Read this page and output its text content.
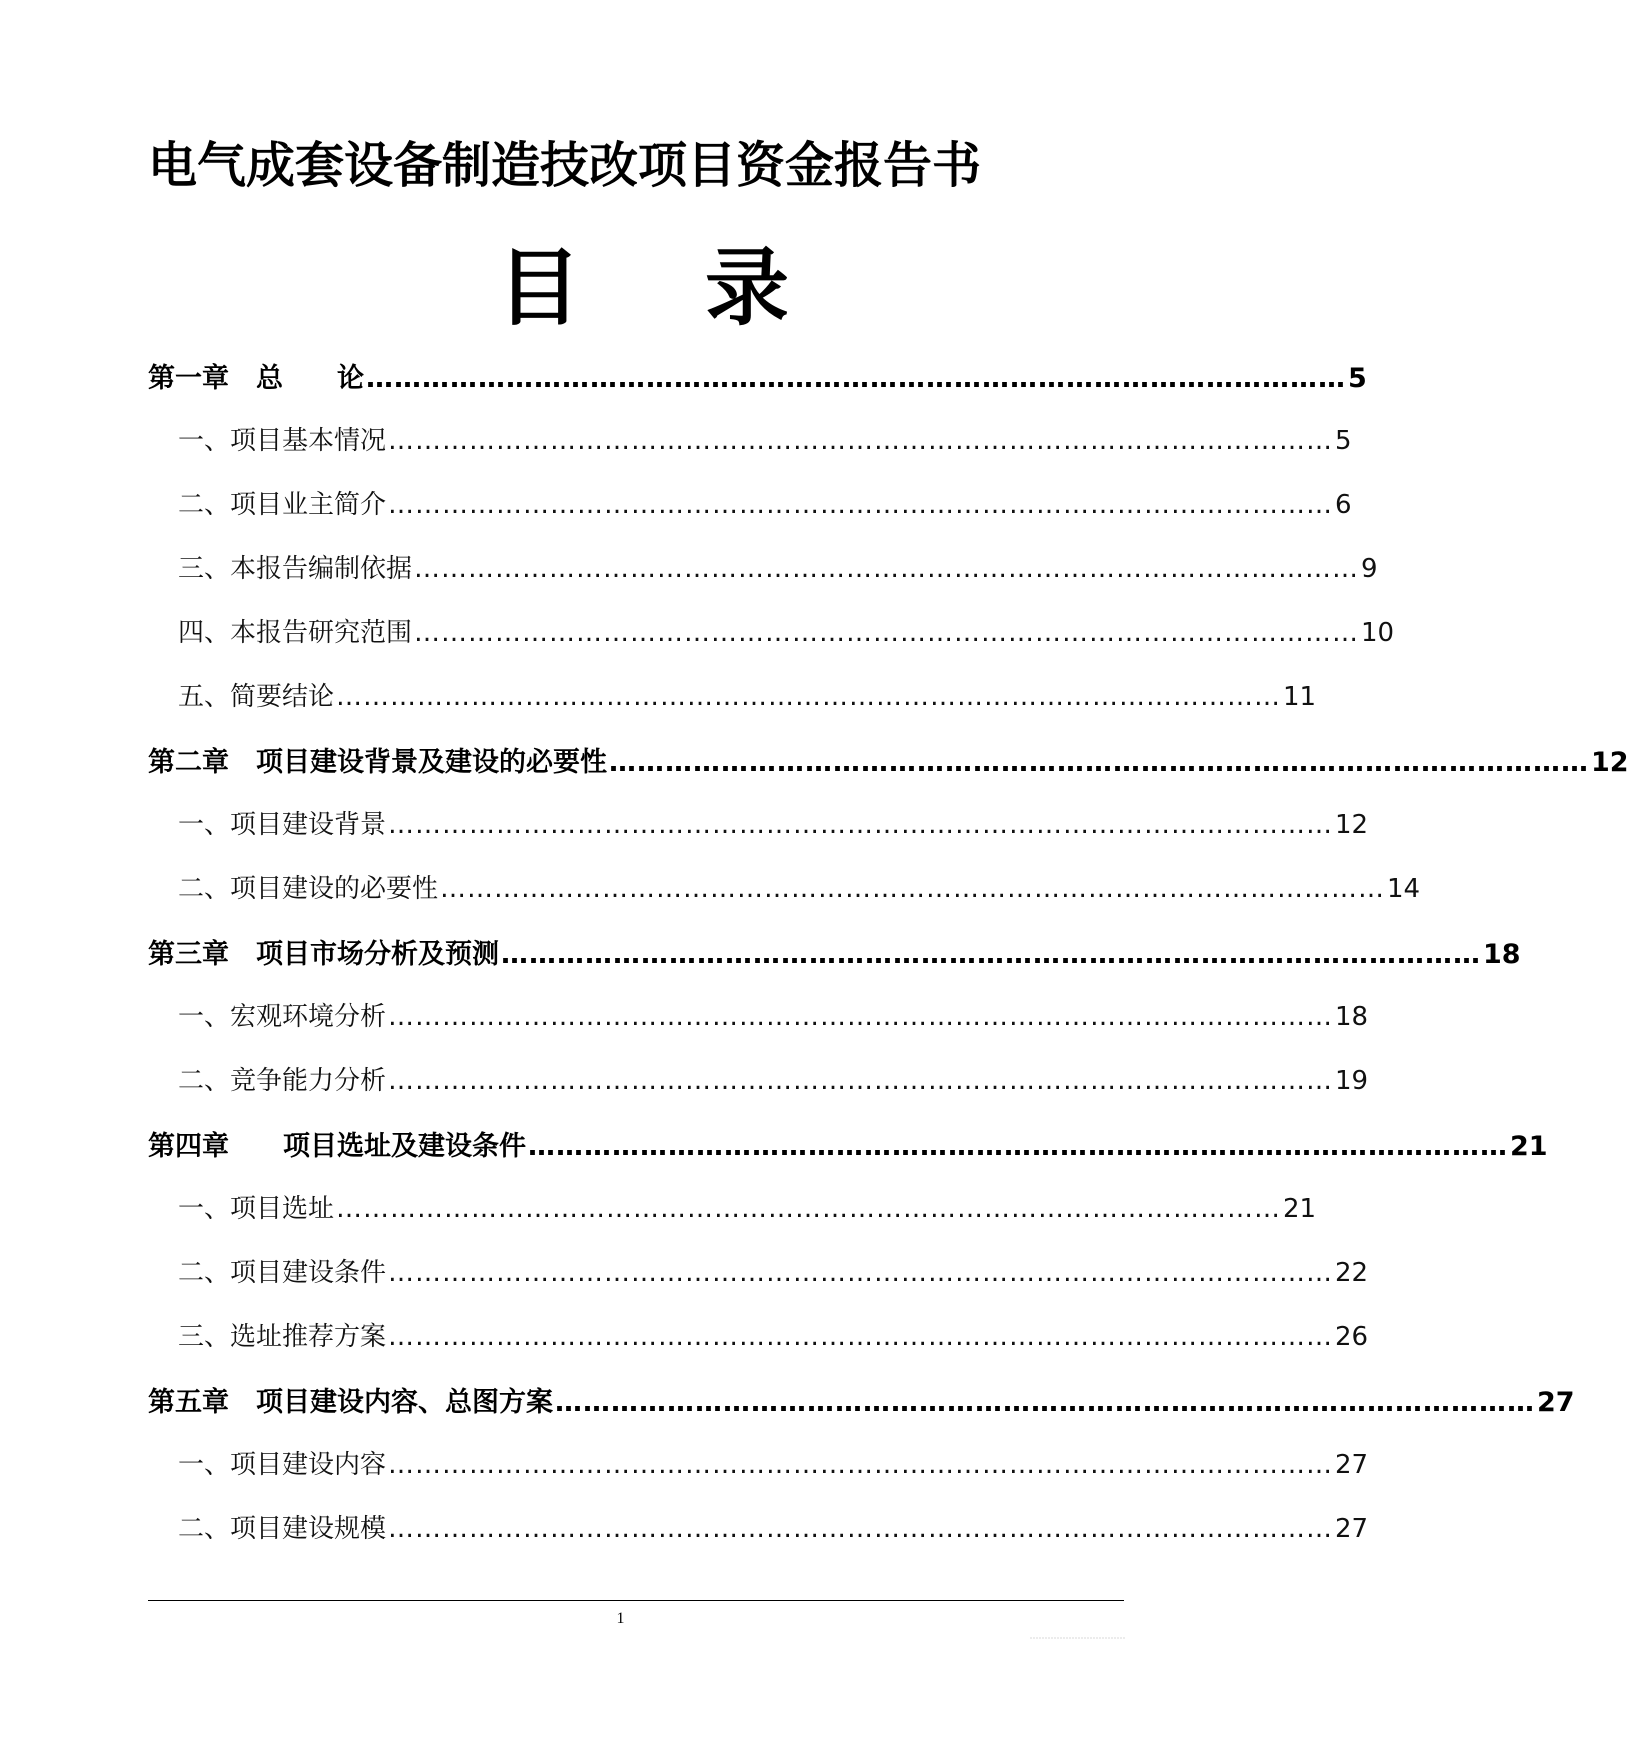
电气成套设备制造技改项目资金报告书
目 录
第一章　总　　论 …………………………………………………………………………………………… 5
一、项目基本情况 …………………………………………………………………………………………… 5
二、项目业主简介 …………………………………………………………………………………………… 6
三、本报告编制依据 …………………………………………………………………………………………… 9
四、本报告研究范围 …………………………………………………………………………………………… 10
五、简要结论 …………………………………………………………………………………………… 11
第二章　项目建设背景及建设的必要性 …………………………………………………………………………………………… 12
一、项目建设背景 …………………………………………………………………………………………… 12
二、项目建设的必要性 …………………………………………………………………………………………… 14
第三章　项目市场分析及预测 …………………………………………………………………………………………… 18
一、宏观环境分析 …………………………………………………………………………………………… 18
二、竞争能力分析 …………………………………………………………………………………………… 19
第四章　　项目选址及建设条件 …………………………………………………………………………………………… 21
一、项目选址 …………………………………………………………………………………………… 21
二、项目建设条件 …………………………………………………………………………………………… 22
三、选址推荐方案 …………………………………………………………………………………………… 26
第五章　项目建设内容、总图方案 …………………………………………………………………………………………… 27
一、项目建设内容 …………………………………………………………………………………………… 27
二、项目建设规模 …………………………………………………………………………………………… 27
1
